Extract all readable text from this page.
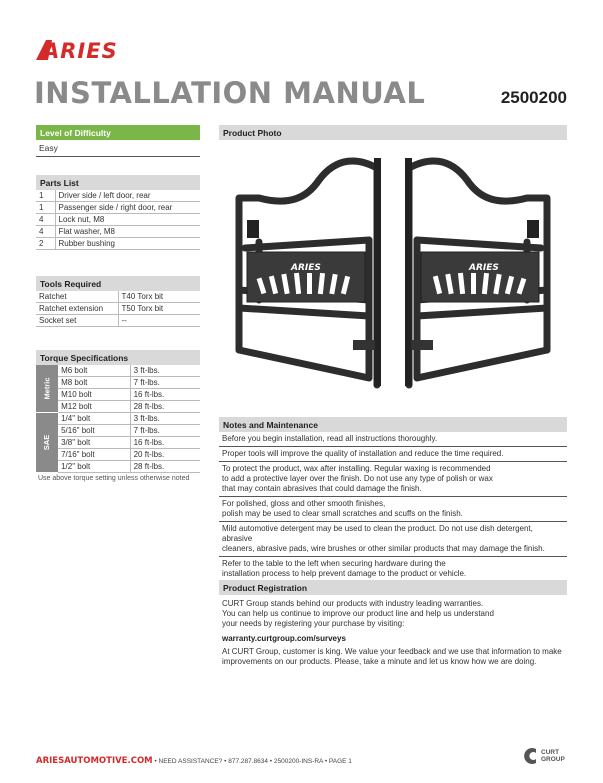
ARIES
INSTALLATION MANUAL	2500200
Level of Difficulty
Easy
Parts List
1	Driver side / left door, rear
1	Passenger side / right door, rear
4	Lock nut, M8
4	Flat washer, M8
2	Rubber bushing
Tools Required
Ratchet	T40 Torx bit
Ratchet extension	T50 Torx bit
Socket set	--
Torque Specifications
Metric	M6 bolt	3 ft-lbs.
	M8 bolt	7 ft-lbs.
	M10 bolt	16 ft-lbs.
	M12 bolt	28 ft-lbs.
SAE	1/4" bolt	3 ft-lbs.
	5/16" bolt	7 ft-lbs.
	3/8" bolt	16 ft-lbs.
	7/16" bolt	20 ft-lbs.
	1/2" bolt	28 ft-lbs.
Use above torque setting unless otherwise noted
Product Photo
ARIES	ARIES
Notes and Maintenance
Before you begin installation, read all instructions thoroughly.
Proper tools will improve the quality of installation and reduce the time required.
To protect the product, wax after installing. Regular waxing is recommended
to add a protective layer over the finish. Do not use any type of polish or wax
that may contain abrasives that could damage the finish.
For polished, gloss and other smooth finishes,
polish may be used to clear small scratches and scuffs on the finish.
Mild automotive detergent may be used to clean the product. Do not use dish detergent, abrasive
cleaners, abrasive pads, wire brushes or other similar products that may damage the finish.
Refer to the table to the left when securing hardware during the
installation process to help prevent damage to the product or vehicle.
Product Registration
CURT Group stands behind our products with industry leading warranties.
You can help us continue to improve our product line and help us understand
your needs by registering your purchase by visiting:
warranty.curtgroup.com/surveys
At CURT Group, customer is king. We value your feedback and we use that information to make
improvements on our products. Please, take a minute and let us know how we are doing.
ARIESAUTOMOTIVE.COM • NEED ASSISTANCE? • 877.287.8634 • 2500200-INS-RA • PAGE 1
CURT
GROUP
